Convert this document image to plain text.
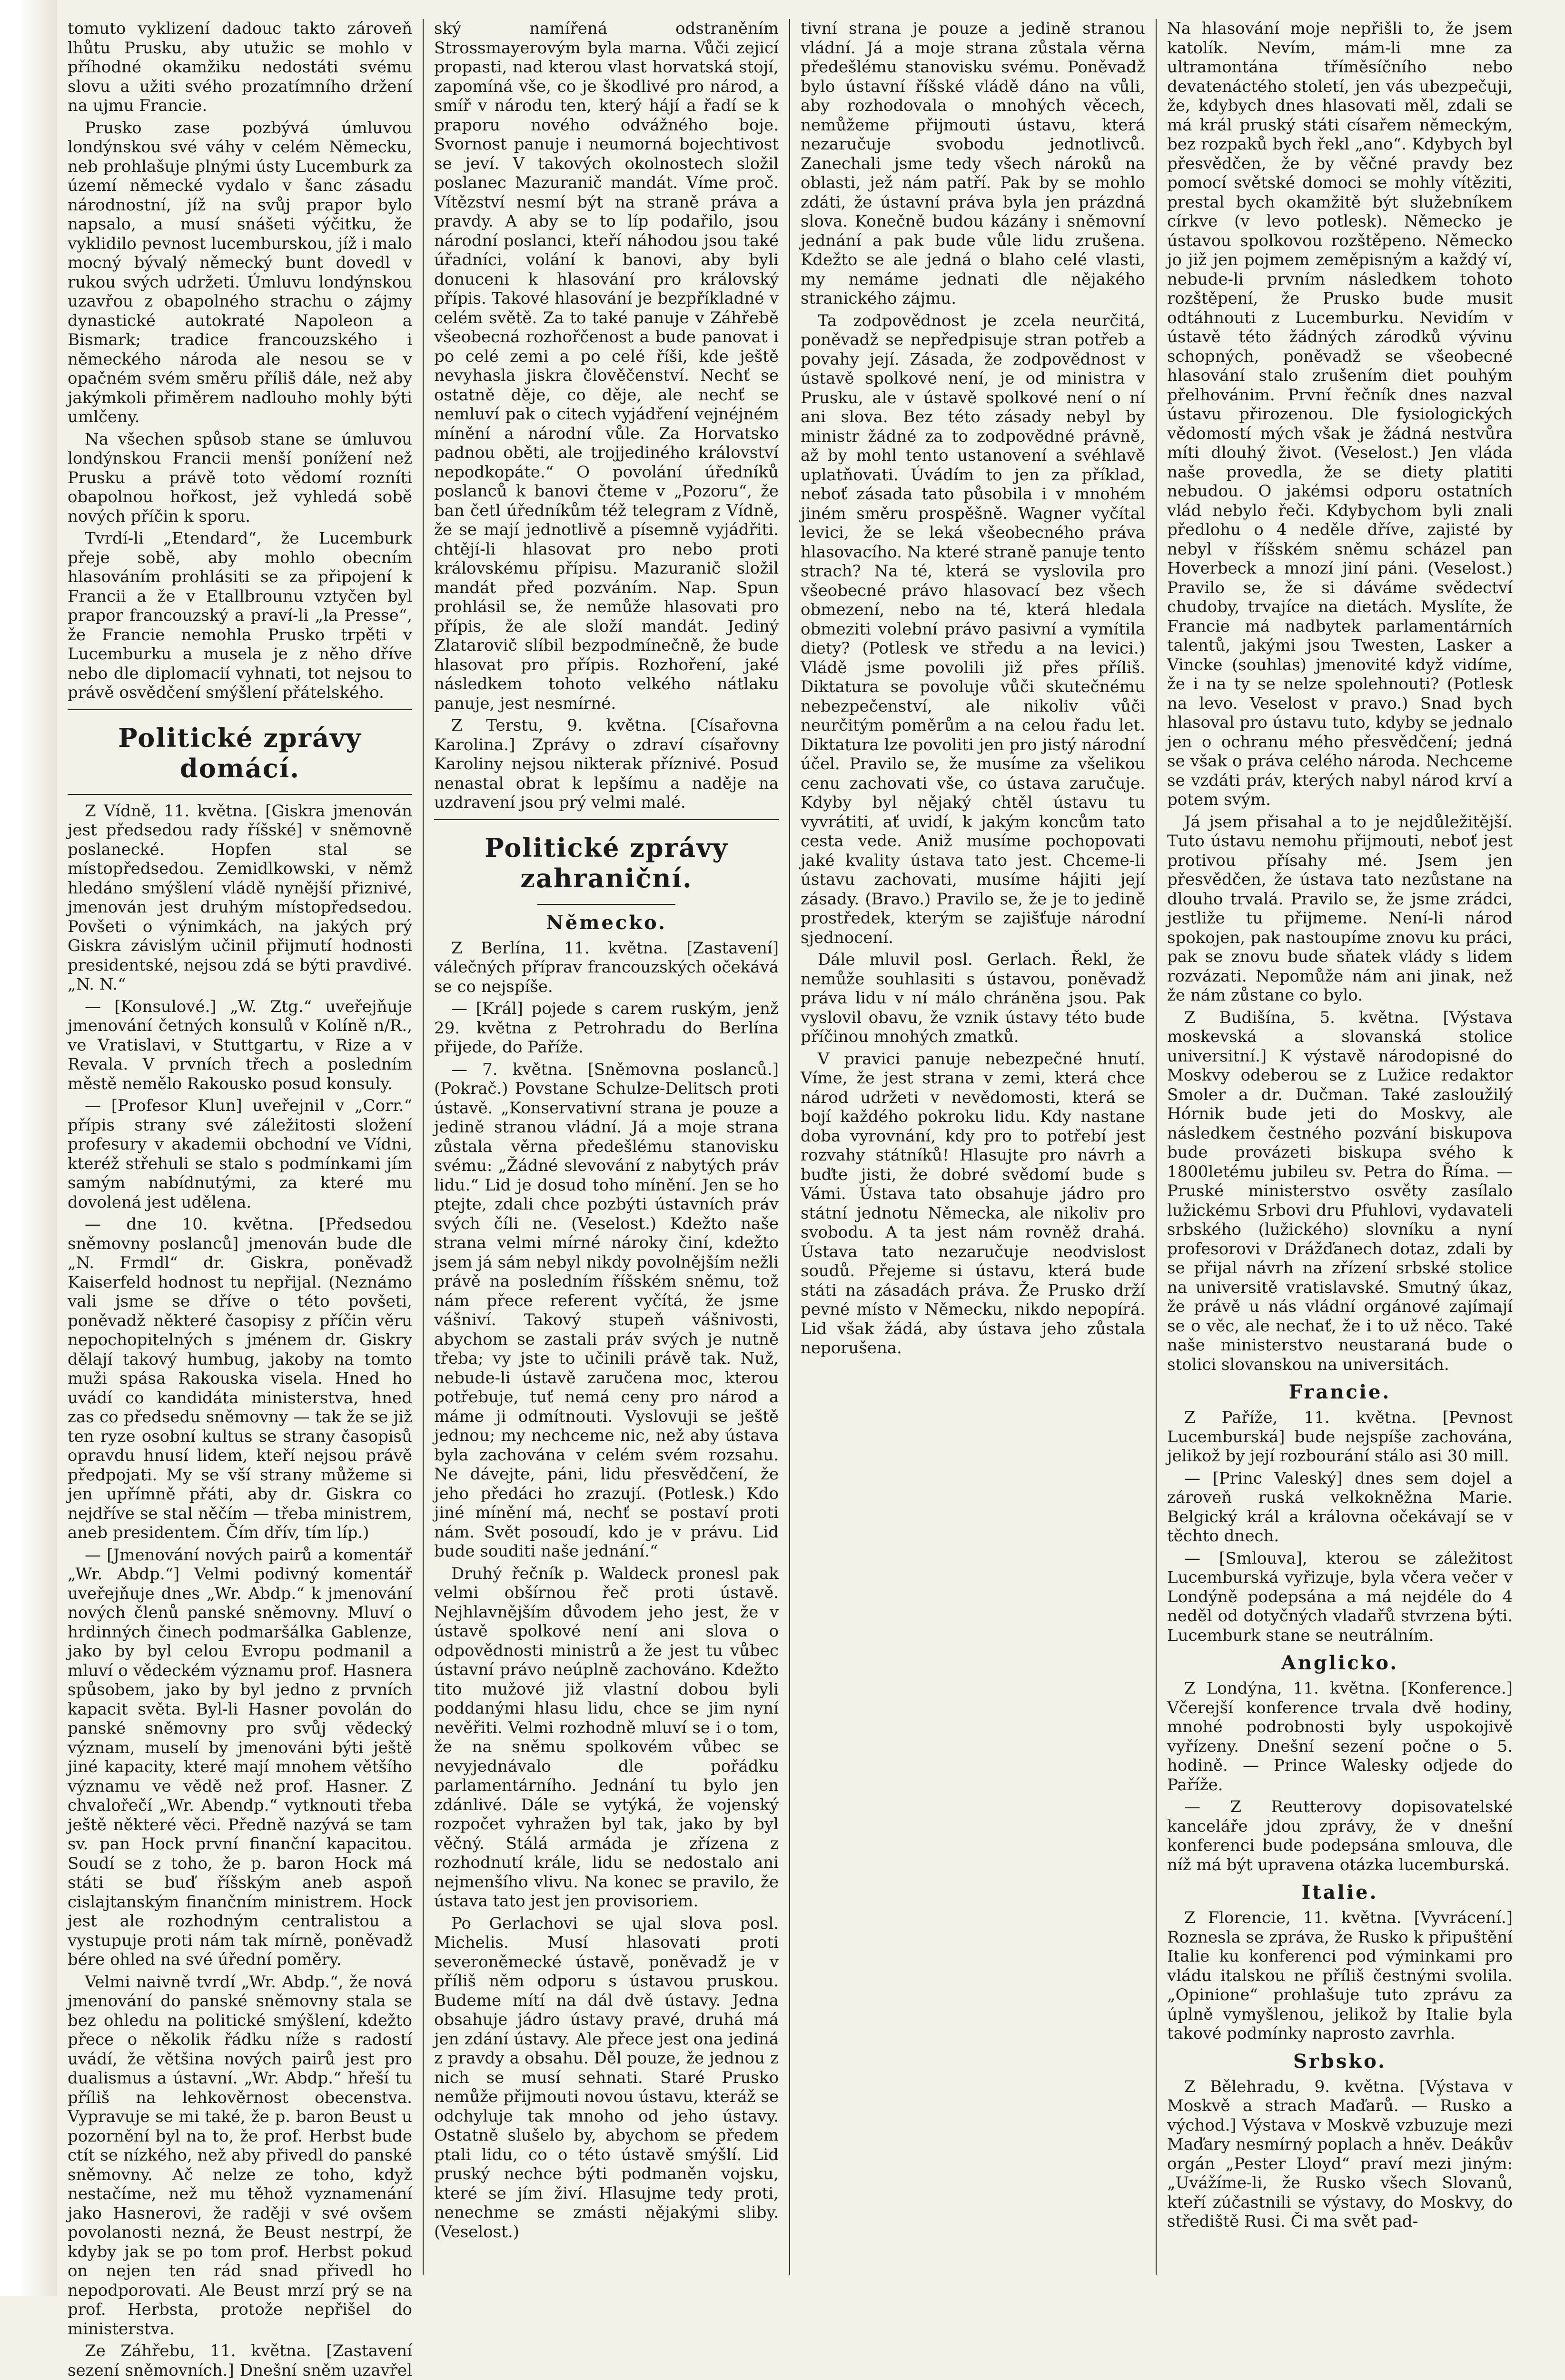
tomuto vyklizení dadouc takto zároveň lhůtu Prusku, aby utužic se mohlo v příhodné okamžiku nedostáti svému slovu a užiti svého prozatímního držení na ujmu Francie.

Prusko zase pozbývá úmluvou londýnskou své váhy v celém Německu, neb prohlašuje plnými ústy Lucemburk za území německé vydalo v šanc zásadu národnostní, jíž na svůj prapor bylo napsalo, a musí snášeti výčitku, že vyklidilo pevnost lucemburskou, jíž i malo mocný bývalý německý bunt dovedl v rukou svých udržeti. Úmluvu londýnskou uzavřou z obapolného strachu o zájmy dynastické autokraté Napoleon a Bismark; tradice francouzského i německého národa ale nesou se v opačném svém směru příliš dále, než aby jakýmkoli přiměrem nadlouho mohly býti umlčeny.

Na všechen spůsob stane se úmluvou londýnskou Francii menší ponížení než Prusku a právě toto vědomí rozníti obapolnou hořkost, jež vyhledá sobě nových příčin k sporu.

Tvrdí-li „Etendard“, že Lucemburk přeje sobě, aby mohlo obecním hlasováním prohlásiti se za připojení k Francii a že v Etallbrounu vztyčen byl prapor francouzský a praví-li „la Presse“, že Francie nemohla Prusko trpěti v Lucemburku a musela je z něho dříve nebo dle diplomacií vyhnati, tot nejsou to právě osvědčení smýšlení přátelského.

Politické zprávy domácí.

Z Vídně, 11. května. [Giskra jmenován jest předsedou rady říšské] v sněmovně poslanecké. Hopfen stal se místopředsedou. Zemidlkowski, v němž hledáno smýšlení vládě nynější přiznivé, jmenován jest druhým místopředsedou. Povšeti o výnimkách, na jakých prý Giskra závislým učinil přijmutí hodnosti presidentské, nejsou zdá se býti pravdivé. „N. N.“

— [Konsulové.] „W. Ztg.“ uveřejňuje jmenování četných konsulů v Kolíně n/R., ve Vratislavi, v Stuttgartu, v Rize a v Revala. V prvních třech a posledním městě nemělo Rakousko posud konsuly.

— [Profesor Klun] uveřejnil v „Corr.“ přípis strany své záležitosti složení profesury v akademii obchodní ve Vídni, kteréž střehuli se stalo s podmínkami jím samým nabídnutými, za které mu dovolená jest udělena.

— dne 10. května. [Předsedou sněmovny poslanců] jmenován bude dle „N. Frmdl“ dr. Giskra, poněvadž Kaiserfeld hodnost tu nepřijal. (Neznámo vali jsme se dříve o této povšeti, poněvadž některé časopisy z příčin věru nepochopitelných s jménem dr. Giskry dělají takový humbug, jakoby na tomto muži spása Rakouska visela. Hned ho uvádí co kandidáta ministerstva, hned zas co předsedu sněmovny — tak že se již ten ryze osobní kultus se strany časopisů opravdu hnusí lidem, kteří nejsou právě předpojati. My se vší strany můžeme si jen upřímně přáti, aby dr. Giskra co nejdříve se stal něčím — třeba ministrem, aneb presidentem. Čím dřív, tím líp.)

— [Jmenování nových pairů a komentář „Wr. Abdp.“] Velmi podivný komentář uveřejňuje dnes „Wr. Abdp.“ k jmenování nových členů panské sněmovny. Mluví o hrdinných činech podmaršálka Gablenze, jako by byl celou Evropu podmanil a mluví o vědeckém významu prof. Hasnera spůsobem, jako by byl jedno z prvních kapacit světa. Byl-li Hasner povolán do panské sněmovny pro svůj vědecký význam, muselí by jmenováni býti ještě jiné kapacity, které mají mnohem většího významu ve vědě než prof. Hasner. Z chvalořečí „Wr. Abendp.“ vytknouti třeba ještě některé věci. Předně nazývá se tam sv. pan Hock první finanční kapacitou. Soudí se z toho, že p. baron Hock má státi se buď říšským aneb aspoň cislajtanským finančním ministrem. Hock jest ale rozhodným centralistou a vystupuje proti nám tak mírně, poněvadž bére ohled na své úřední poměry.

Velmi naivně tvrdí „Wr. Abdp.“, že nová jmenování do panské sněmovny stala se bez ohledu na politické smýšlení, kdežto přece o několik řádku níže s radostí uvádí, že většina nových pairů jest pro dualismus a ústavní. „Wr. Abdp.“ hřeší tu příliš na lehkověrnost obecenstva. Vypravuje se mi také, že p. baron Beust u pozornění byl na to, že prof. Herbst bude ctít se nízkého, než aby přivedl do panské sněmovny. Ač nelze ze toho, když nestačíme, než mu těhož vyznamenání jako Hasnerovi, že raději v své ovšem povolanosti nezná, že Beust nestrpí, že kdyby jak se po tom prof. Herbst pokud on nejen ten rád snad přivedl ho nepodporovati. Ale Beust mrzí prý se na prof. Herbsta, protože nepřišel do ministerstva.

Ze Záhřebu, 11. května. [Zastavení sezení sněmovních.] Dnešní sněm uzavřel

ský namířená odstraněním Strossmayerovým byla marna. Vůči zejicí propasti, nad kterou vlast horvatská stojí, zapomíná vše, co je škodlivé pro národ, a smíř v národu ten, který hájí a řadí se k praporu nového odvážného boje. Svornost panuje i neumorná bojechtivost se jeví. V takových okolnostech složil poslanec Mazuranič mandát. Víme proč. Vítězství nesmí být na straně práva a pravdy. A aby se to líp podařilo, jsou národní poslanci, kteří náhodou jsou také úřadníci, volání k banovi, aby byli donuceni k hlasování pro královský přípis. Takové hlasování je bezpříkladné v celém světě. Za to také panuje v Záhřebě všeobecná rozhořčenost a bude panovat i po celé zemi a po celé říši, kde ještě nevyhasla jiskra člověčenství. Nechť se ostatně děje, co děje, ale nechť se nemluví pak o citech vyjádření vejnéjném mínění a národní vůle. Za Horvatsko padnou oběti, ale trojjediného království nepodkopáte.“ O povolání úředníků poslanců k banovi čteme v „Pozoru“, že ban četl úředníkům též telegram z Vídně, že se mají jednotlivě a písemně vyjádřiti. chtějí-li hlasovat pro nebo proti královskému přípisu. Mazuranič složil mandát před pozváním. Nap. Spun prohlásil se, že nemůže hlasovati pro přípis, že ale složí mandát. Jediný Zlatarovič slíbil bezpodmínečně, že bude hlasovat pro přípis. Rozhoření, jaké následkem tohoto velkého nátlaku panuje, jest nesmírné.

Z Terstu, 9. května. [Císařovna Karolina.] Zprávy o zdraví císařovny Karoliny nejsou nikterak příznivé. Posud nenastal obrat k lepšímu a naděje na uzdravení jsou prý velmi malé.

Politické zprávy zahraniční.
Německo.

Z Berlína, 11. května. [Zastavení] válečných příprav francouzských očekává se co nejspíše.

— [Král] pojede s carem ruským, jenž 29. května z Petrohradu do Berlína přijede, do Paříže.

— 7. května. [Sněmovna poslanců.] (Pokrač.) Povstane Schulze-Delitsch proti ústavě. „Konservativní strana je pouze a jedině stranou vládní. Já a moje strana zůstala věrna předešlému stanovisku svému: „Žádné slevování z nabytých práv lidu.“ Lid je dosud toho mínění. Jen se ho ptejte, zdali chce pozbýti ústavních práv svých číli ne. (Veselost.) Kdežto naše strana velmi mírné nároky činí, kdežto jsem já sám nebyl nikdy povolnějším nežli právě na posledním říšském sněmu, tož nám přece referent vyčítá, že jsme vášniví. Takový stupeň vášnivosti, abychom se zastali práv svých je nutně třeba; vy jste to učinili právě tak. Nuž, nebude-li ústavě zaručena moc, kterou potřebuje, tuť nemá ceny pro národ a máme ji odmítnouti. Vyslovuji se ještě jednou; my nechceme nic, než aby ústava byla zachována v celém svém rozsahu. Ne dávejte, páni, lidu přesvědčení, že jeho předáci ho zrazují. (Potlesk.) Kdo jiné mínění má, nechť se postaví proti nám. Svět posoudí, kdo je v právu. Lid bude souditi naše jednání.“

Druhý řečník p. Waldeck pronesl pak velmi obšírnou řeč proti ústavě. Nejhlavnějším důvodem jeho jest, že v ústavě spolkové není ani slova o odpovědnosti ministrů a že jest tu vůbec ústavní právo neúplně zachováno. Kdežto tito mužové již vlastní dobou byli poddanými hlasu lidu, chce se jim nyní nevěřiti. Velmi rozhodně mluví se i o tom, že na sněmu spolkovém vůbec se nevyjednávalo dle pořádku parlamentárního. Jednání tu bylo jen zdánlivé. Dále se vytýká, že vojenský rozpočet vyhražen byl tak, jako by byl věčný. Stálá armáda je zřízena z rozhodnutí krále, lidu se nedostalo ani nejmenšího vlivu. Na konec se pravilo, že ústava tato jest jen provisoriem.

Po Gerlachovi se ujal slova posl. Michelis. Musí hlasovati proti severoněmecké ústavě, poněvadž je v příliš něm odporu s ústavou pruskou. Budeme mítí na dál dvě ústavy. Jedna obsahuje jádro ústavy pravé, druhá má jen zdání ústavy. Ale přece jest ona jediná z pravdy a obsahu. Děl pouze, že jednou z nich se musí sehnati. Staré Prusko nemůže přijmouti novou ústavu, kteráž se odchyluje tak mnoho od jeho ústavy. Ostatně slušelo by, abychom se předem ptali lidu, co o této ústavě smýšlí. Lid pruský nechce býti podmaněn vojsku, které se jím živí. Hlasujme tedy proti, nenechme se zmásti nějakými sliby. (Veselost.)

tivní strana je pouze a jedině stranou vládní. Já a moje strana zůstala věrna předešlému stanovisku svému. Poněvadž bylo ústavní říšské vládě dáno na vůli, aby rozhodovala o mnohých věcech, nemůžeme přijmouti ústavu, která nezaručuje svobodu jednotlivců. Zanechali jsme tedy všech nároků na oblasti, jež nám patří. Pak by se mohlo zdáti, že ústavní práva byla jen prázdná slova. Konečně budou kázány i sněmovní jednání a pak bude vůle lidu zrušena. Kdežto se ale jedná o blaho celé vlasti, my nemáme jednati dle nějakého stranického zájmu.

Ta zodpovědnost je zcela neurčitá, poněvadž se nepředpisuje stran potřeb a povahy její. Zásada, že zodpovědnost v ústavě spolkové není, je od ministra v Prusku, ale v ústavě spolkové není o ní ani slova. Bez této zásady nebyl by ministr žádné za to zodpovědné právně, až by mohl tento ustanovení a svéhlavě uplatňovati. Úvádím to jen za příklad, neboť zásada tato působila i v mnohém jiném směru prospěšně. Wagner vyčítal levici, že se leká všeobecného práva hlasovacího. Na které straně panuje tento strach? Na té, která se vyslovila pro všeobecné právo hlasovací bez všech obmezení, nebo na té, která hledala obmeziti volební právo pasivní a vymítila diety? (Potlesk ve středu a na levici.) Vládě jsme povolili již přes příliš. Diktatura se povoluje vůči skutečnému nebezpečenství, ale nikoliv vůči neurčitým poměrům a na celou řadu let. Diktatura lze povoliti jen pro jistý národní účel. Pravilo se, že musíme za všelikou cenu zachovati vše, co ústava zaručuje. Kdyby byl nějaký chtěl ústavu tu vyvrátiti, ať uvidí, k jakým koncům tato cesta vede. Aniž musíme pochopovati jaké kvality ústava tato jest. Chceme-li ústavu zachovati, musíme hájiti její zásady. (Bravo.) Pravilo se, že je to jedině prostředek, kterým se zajišťuje národní sjednocení.

Dále mluvil posl. Gerlach. Řekl, že nemůže souhlasiti s ústavou, poněvadž práva lidu v ní málo chráněna jsou. Pak vyslovil obavu, že vznik ústavy této bude příčinou mnohých zmatků.

V pravici panuje nebezpečné hnutí. Víme, že jest strana v zemi, která chce národ udržeti v nevědomosti, která se bojí každého pokroku lidu. Kdy nastane doba vyrovnání, kdy pro to potřebí jest rozvahy státníků! Hlasujte pro návrh a buďte jisti, že dobré svědomí bude s Vámi. Ústava tato obsahuje jádro pro státní jednotu Německa, ale nikoliv pro svobodu. A ta jest nám rovněž drahá. Ústava tato nezaručuje neodvislost soudů. Přejeme si ústavu, která bude státi na zásadách práva. Že Prusko drží pevné místo v Německu, nikdo nepopírá. Lid však žádá, aby ústava jeho zůstala neporušena.

Na hlasování moje nepřišli to, že jsem katolík. Nevím, mám-li mne za ultramontána tříměsíčního nebo devatenáctého století, jen vás ubezpečuji, že, kdybych dnes hlasovati měl, zdali se má král pruský státi císařem německým, bez rozpaků bych řekl „ano“. Kdybych byl přesvědčen, že by věčné pravdy bez pomocí světské domoci se mohly vítěziti, prestal bych okamžitě být služebníkem církve (v levo potlesk). Německo je ústavou spolkovou rozštěpeno. Německo jo již jen pojmem zeměpisným a každý ví, nebude-li prvním následkem tohoto rozštěpení, že Prusko bude musit odtáhnouti z Lucemburku. Nevidím v ústavě této žádných zárodků vývinu schopných, poněvadž se všeobecné hlasování stalo zrušením diet pouhým přelhovánim. První řečník dnes nazval ústavu přirozenou. Dle fysiologických vědomostí mých však je žádná nestvůra míti dlouhý život. (Veselost.) Jen vláda naše provedla, že se diety platiti nebudou. O jakémsi odporu ostatních vlád nebylo řeči. Kdybychom byli znali předlohu o 4 neděle dříve, zajisté by nebyl v říšském sněmu scházel pan Hoverbeck a mnozí jiní páni. (Veselost.) Pravilo se, že si dáváme svědectví chudoby, trvajíce na dietách. Myslíte, že Francie má nadbytek parlamentárních talentů, jakými jsou Twesten, Lasker a Vincke (souhlas) jmenovité když vidíme, že i na ty se nelze spolehnouti? (Potlesk na levo. Veselost v pravo.) Snad bych hlasoval pro ústavu tuto, kdyby se jednalo jen o ochranu mého přesvědčení; jedná se však o práva celého národa. Nechceme se vzdáti práv, kterých nabyl národ krví a potem svým.

Já jsem přisahal a to je nejdůležitější. Tuto ústavu nemohu přijmouti, neboť jest protivou přísahy mé. Jsem jen přesvědčen, že ústava tato nezůstane na dlouho trvalá. Pravilo se, že jsme zrádci, jestliže tu přijmeme. Není-li národ spokojen, pak nastoupíme znovu ku práci, pak se znovu bude sňatek vlády s lidem rozvázati. Nepomůže nám ani jinak, než že nám zůstane co bylo.

Z Budišína, 5. května. [Výstava moskevská a slovanská stolice universitní.] K výstavě národopisné do Moskvy odeberou se z Lužice redaktor Smoler a dr. Dučman. Také zasloužilý Hórnik bude jeti do Moskvy, ale následkem čestného pozvání biskupova bude provázeti biskupa svého k 1800letému jubileu sv. Petra do Říma. — Pruské ministerstvo osvěty zasílalo lužickému Srbovi dru Pfuhlovi, vydavateli srbského (lužického) slovníku a nyní profesorovi v Drážďanech dotaz, zdali by se přijal návrh na zřízení srbské stolice na universitě vratislavské. Smutný úkaz, že právě u nás vládní orgánové zajímají se o věc, ale nechať, že i to už něco. Také naše ministerstvo neustaraná bude o stolici slovanskou na universitách.

Francie.

Z Paříže, 11. května. [Pevnost Lucemburská] bude nejspíše zachována, jelikož by její rozbourání stálo asi 30 mill.

— [Princ Valeský] dnes sem dojel a zároveň ruská velkokněžna Marie. Belgický král a královna očekávají se v těchto dnech.

— [Smlouva], kterou se záležitost Lucemburská vyřizuje, byla včera večer v Londýně podepsána a má nejdéle do 4 neděl od dotyčných vladařů stvrzena býti. Lucemburk stane se neutrálním.

Anglicko.

Z Londýna, 11. května. [Konference.] Včerejší konference trvala dvě hodiny, mnohé podrobnosti byly uspokojivě vyřízeny. Dnešní sezení počne o 5. hodině. — Prince Walesky odjede do Paříže.

— Z Reutterovy dopisovatelské kanceláře jdou zprávy, že v dnešní konferenci bude podepsána smlouva, dle níž má být upravena otázka lucemburská.

Italie.

Z Florencie, 11. května. [Vyvrácení.] Roznesla se zpráva, že Rusko k připuštění Italie ku konferenci pod výminkami pro vládu italskou ne příliš čestnými svolila. „Opinione“ prohlašuje tuto zprávu za úplně vymyšlenou, jelikož by Italie byla takové podmínky naprosto zavrhla.

Srbsko.

Z Bělehradu, 9. května. [Výstava v Moskvě a strach Maďarů. — Rusko a východ.] Výstava v Moskvě vzbuzuje mezi Maďary nesmírný poplach a hněv. Deákův orgán „Pester Lloyd“ praví mezi jiným: „Uvážíme-li, že Rusko všech Slovanů, kteří zúčastnili se výstavy, do Moskvy, do střediště Rusi. Či ma svět pad-
